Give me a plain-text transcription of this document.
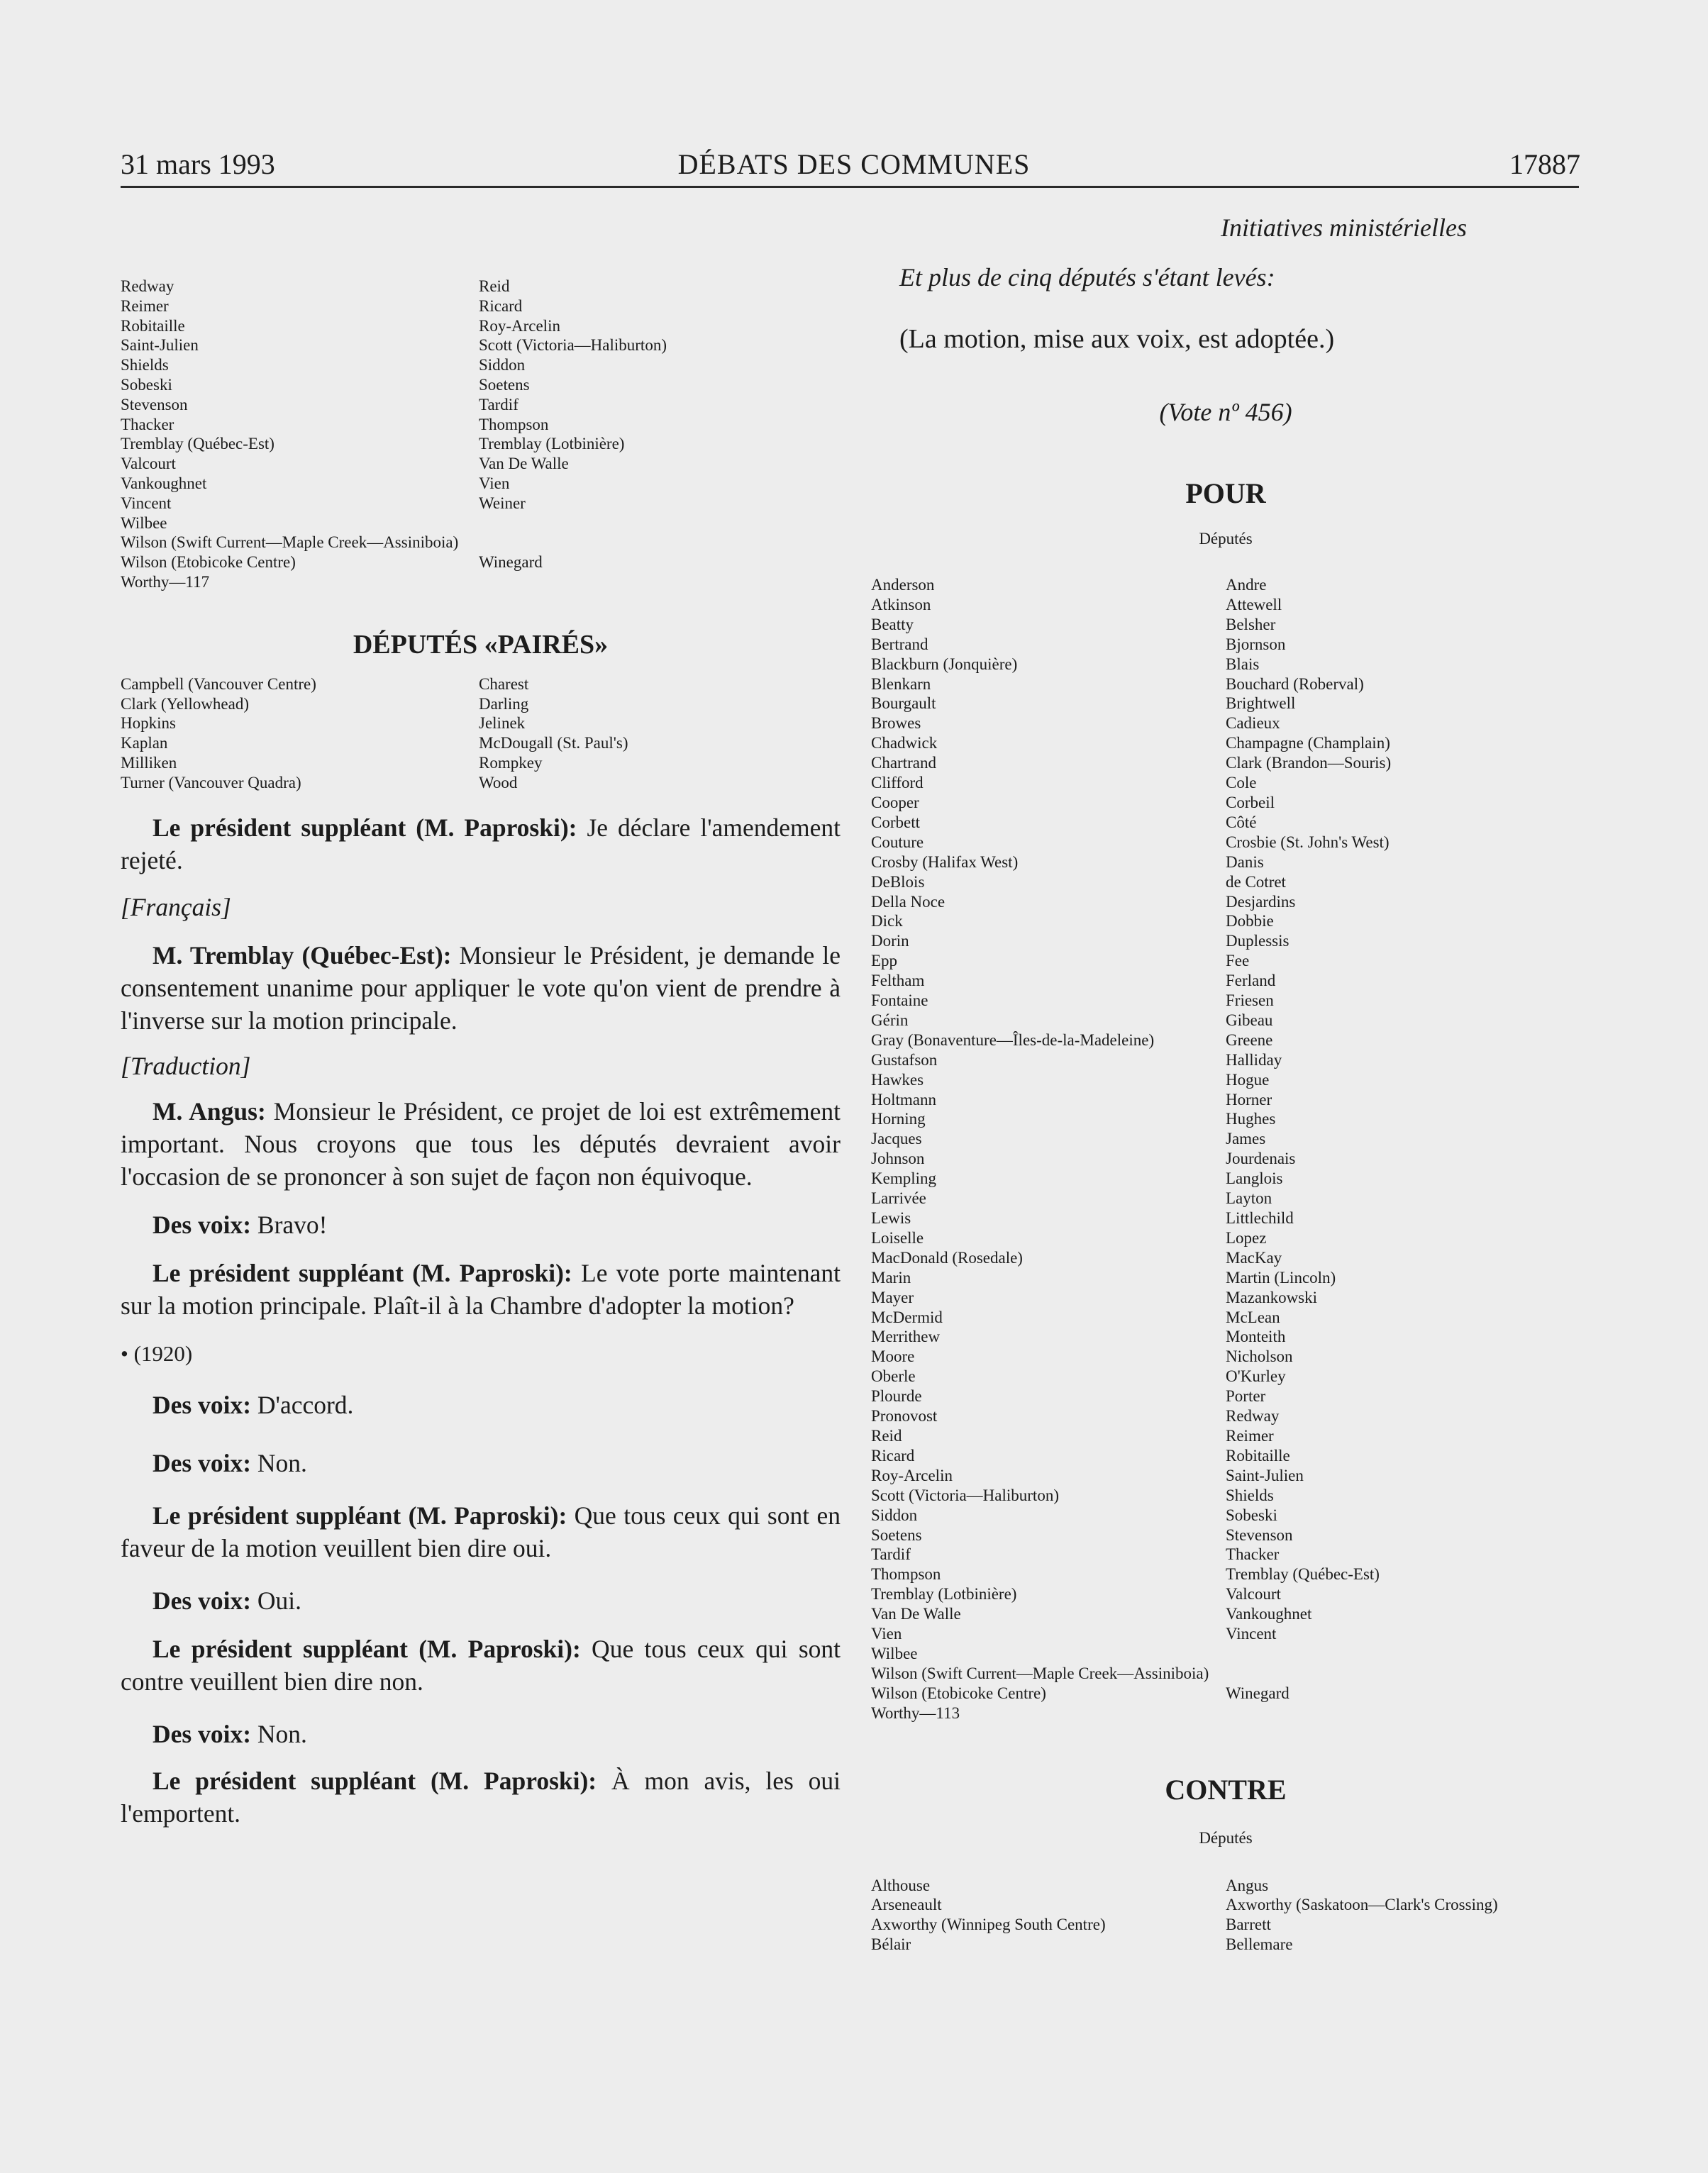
31 mars 1993	DÉBATS DES COMMUNES	17887
Redway
Reimer
Robitaille
Saint-Julien
Shields
Sobeski
Stevenson
Thacker
Tremblay (Québec-Est)
Valcourt
Vankoughnet
Vincent
Wilbee
Wilson (Swift Current—Maple Creek—Assiniboia)
Wilson (Etobicoke Centre)
Worthy—117
Reid
Ricard
Roy-Arcelin
Scott (Victoria—Haliburton)
Siddon
Soetens
Tardif
Thompson
Tremblay (Lotbinière)
Van De Walle
Vien
Weiner

Winegard

DÉPUTÉS «PAIRÉS»
Campbell (Vancouver Centre)
Clark (Yellowhead)
Hopkins
Kaplan
Milliken
Turner (Vancouver Quadra)
Charest
Darling
Jelinek
McDougall (St. Paul's)
Rompkey
Wood

Le président suppléant (M. Paproski): Je déclare l'amendement rejeté.

[Français]

M. Tremblay (Québec-Est): Monsieur le Président, je demande le consentement unanime pour appliquer le vote qu'on vient de prendre à l'inverse sur la motion principale.

[Traduction]

M. Angus: Monsieur le Président, ce projet de loi est extrêmement important. Nous croyons que tous les députés devraient avoir l'occasion de se prononcer à son sujet de façon non équivoque.

Des voix: Bravo!

Le président suppléant (M. Paproski): Le vote porte maintenant sur la motion principale. Plaît-il à la Chambre d'adopter la motion?

• (1920)

Des voix: D'accord.

Des voix: Non.

Le président suppléant (M. Paproski): Que tous ceux qui sont en faveur de la motion veuillent bien dire oui.

Des voix: Oui.

Le président suppléant (M. Paproski): Que tous ceux qui sont contre veuillent bien dire non.

Des voix: Non.

Le président suppléant (M. Paproski): À mon avis, les oui l'emportent.

Initiatives ministérielles

Et plus de cinq députés s'étant levés:

(La motion, mise aux voix, est adoptée.)

(Vote nº 456)

POUR

Députés

Anderson
Atkinson
Beatty
Bertrand
Blackburn (Jonquière)
Blenkarn
Bourgault
Browes
Chadwick
Chartrand
Clifford
Cooper
Corbett
Couture
Crosby (Halifax West)
DeBlois
Della Noce
Dick
Dorin
Epp
Feltham
Fontaine
Gérin
Gray (Bonaventure—Îles-de-la-Madeleine)
Gustafson
Hawkes
Holtmann
Horning
Jacques
Johnson
Kempling
Larrivée
Lewis
Loiselle
MacDonald (Rosedale)
Marin
Mayer
McDermid
Merrithew
Moore
Oberle
Plourde
Pronovost
Reid
Ricard
Roy-Arcelin
Scott (Victoria—Haliburton)
Siddon
Soetens
Tardif
Thompson
Tremblay (Lotbinière)
Van De Walle
Vien
Wilbee
Wilson (Swift Current—Maple Creek—Assiniboia)
Wilson (Etobicoke Centre)
Worthy—113
Andre
Attewell
Belsher
Bjornson
Blais
Bouchard (Roberval)
Brightwell
Cadieux
Champagne (Champlain)
Clark (Brandon—Souris)
Cole
Corbeil
Côté
Crosbie (St. John's West)
Danis
de Cotret
Desjardins
Dobbie
Duplessis
Fee
Ferland
Friesen
Gibeau
Greene
Halliday
Hogue
Horner
Hughes
James
Jourdenais
Langlois
Layton
Littlechild
Lopez
MacKay
Martin (Lincoln)
Mazankowski
McLean
Monteith
Nicholson
O'Kurley
Porter
Redway
Reimer
Robitaille
Saint-Julien
Shields
Sobeski
Stevenson
Thacker
Tremblay (Québec-Est)
Valcourt
Vankoughnet
Vincent

Winegard

CONTRE

Députés

Althouse
Arseneault
Axworthy (Winnipeg South Centre)
Bélair
Angus
Axworthy (Saskatoon—Clark's Crossing)
Barrett
Bellemare
